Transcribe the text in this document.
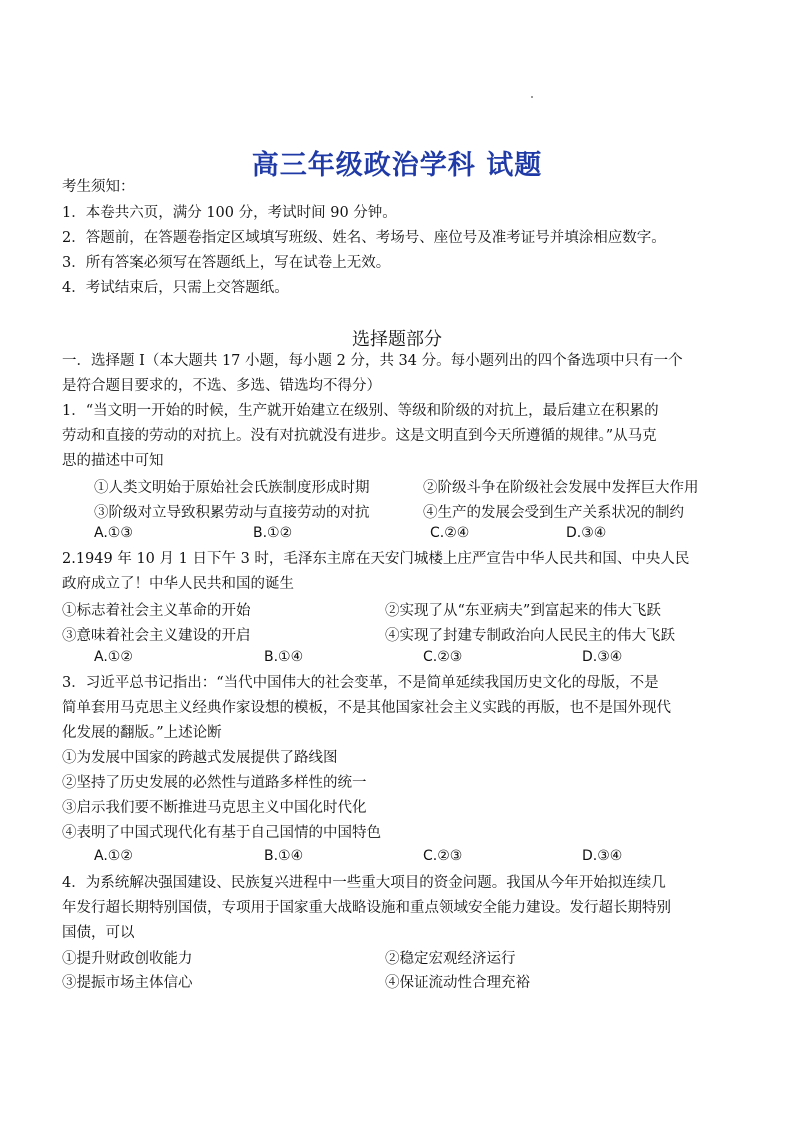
高三年级政治学科 试题
考生须知：
1．本卷共六页，满分 100 分，考试时间 90 分钟。
2．答题前，在答题卷指定区域填写班级、姓名、考场号、座位号及准考证号并填涂相应数字。
3．所有答案必须写在答题纸上，写在试卷上无效。
4．考试结束后，只需上交答题纸。
选择题部分
一．选择题 I（本大题共 17 小题，每小题 2 分，共 34 分。每小题列出的四个备选项中只有一个
是符合题目要求的，不选、多选、错选均不得分）
1．“当文明一开始的时候，生产就开始建立在级别、等级和阶级的对抗上，最后建立在积累的
劳动和直接的劳动的对抗上。没有对抗就没有进步。这是文明直到今天所遵循的规律。”从马克
思的描述中可知
①人类文明始于原始社会氏族制度形成时期	②阶级斗争在阶级社会发展中发挥巨大作用
③阶级对立导致积累劳动与直接劳动的对抗	④生产的发展会受到生产关系状况的制约
A.①③	B.①②	C.②④	D.③④
2.1949 年 10 月 1 日下午 3 时，毛泽东主席在天安门城楼上庄严宣告中华人民共和国、中央人民
政府成立了！中华人民共和国的诞生
①标志着社会主义革命的开始	②实现了从“东亚病夫”到富起来的伟大飞跃
③意味着社会主义建设的开启	④实现了封建专制政治向人民民主的伟大飞跃
A.①②	B.①④	C.②③	D.③④
3．习近平总书记指出：“当代中国伟大的社会变革，不是简单延续我国历史文化的母版，不是
简单套用马克思主义经典作家设想的模板，不是其他国家社会主义实践的再版，也不是国外现代
化发展的翻版。”上述论断
①为发展中国家的跨越式发展提供了路线图
②坚持了历史发展的必然性与道路多样性的统一
③启示我们要不断推进马克思主义中国化时代化
④表明了中国式现代化有基于自己国情的中国特色
A.①②	B.①④	C.②③	D.③④
4．为系统解决强国建设、民族复兴进程中一些重大项目的资金问题。我国从今年开始拟连续几
年发行超长期特别国债，专项用于国家重大战略设施和重点领域安全能力建设。发行超长期特别
国债，可以
①提升财政创收能力	②稳定宏观经济运行
③提振市场主体信心	④保证流动性合理充裕
